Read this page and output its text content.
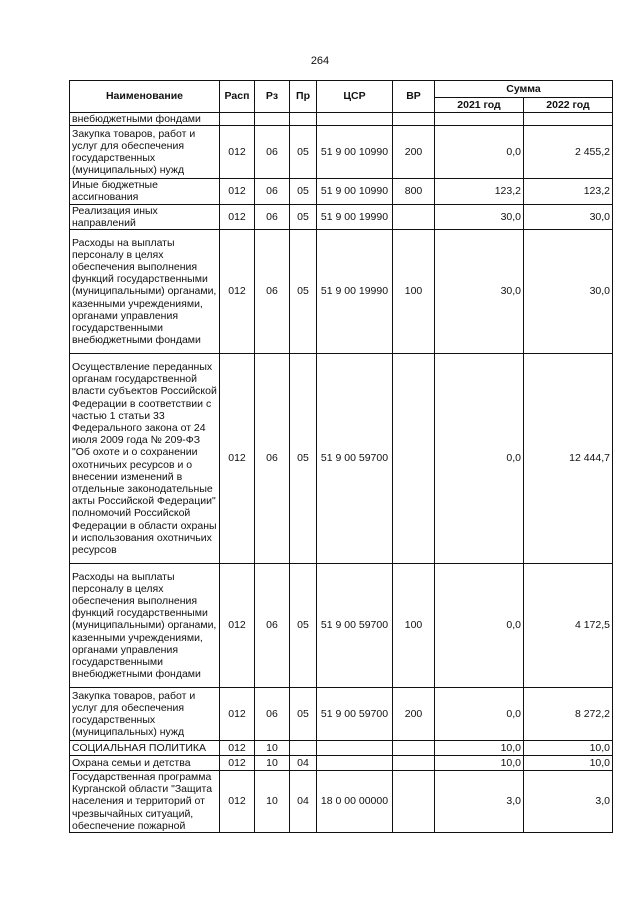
264
Наименование	Расп	Рз	Пр	ЦСР	ВР	Сумма	
						2021 год	2022 год
внебюджетными фондами							
Закупка товаров, работ и услуг для обеспечения государственных (муниципальных) нужд	012	06	05	51 9 00 10990	200	0,0	2 455,2
Иные бюджетные ассигнования	012	06	05	51 9 00 10990	800	123,2	123,2
Реализация иных направлений	012	06	05	51 9 00 19990		30,0	30,0
Расходы на выплаты персоналу в целях обеспечения выполнения функций государственными (муниципальными) органами, казенными учреждениями, органами управления государственными внебюджетными фондами	012	06	05	51 9 00 19990	100	30,0	30,0
Осуществление переданных органам государственной власти субъектов Российской Федерации в соответствии с частью 1 статьи 33 Федерального закона от 24 июля 2009 года № 209-ФЗ "Об охоте и о сохранении охотничьих ресурсов и о внесении изменений в отдельные законодательные акты Российской Федерации" полномочий Российской Федерации в области охраны и использования охотничьих ресурсов	012	06	05	51 9 00 59700		0,0	12 444,7
Расходы на выплаты персоналу в целях обеспечения выполнения функций государственными (муниципальными) органами, казенными учреждениями, органами управления государственными внебюджетными фондами	012	06	05	51 9 00 59700	100	0,0	4 172,5
Закупка товаров, работ и услуг для обеспечения государственных (муниципальных) нужд	012	06	05	51 9 00 59700	200	0,0	8 272,2
СОЦИАЛЬНАЯ ПОЛИТИКА	012	10				10,0	10,0
Охрана семьи и детства	012	10	04			10,0	10,0
Государственная программа Курганской области "Защита населения и территорий от чрезвычайных ситуаций, обеспечение пожарной	012	10	04	18 0 00 00000		3,0	3,0
